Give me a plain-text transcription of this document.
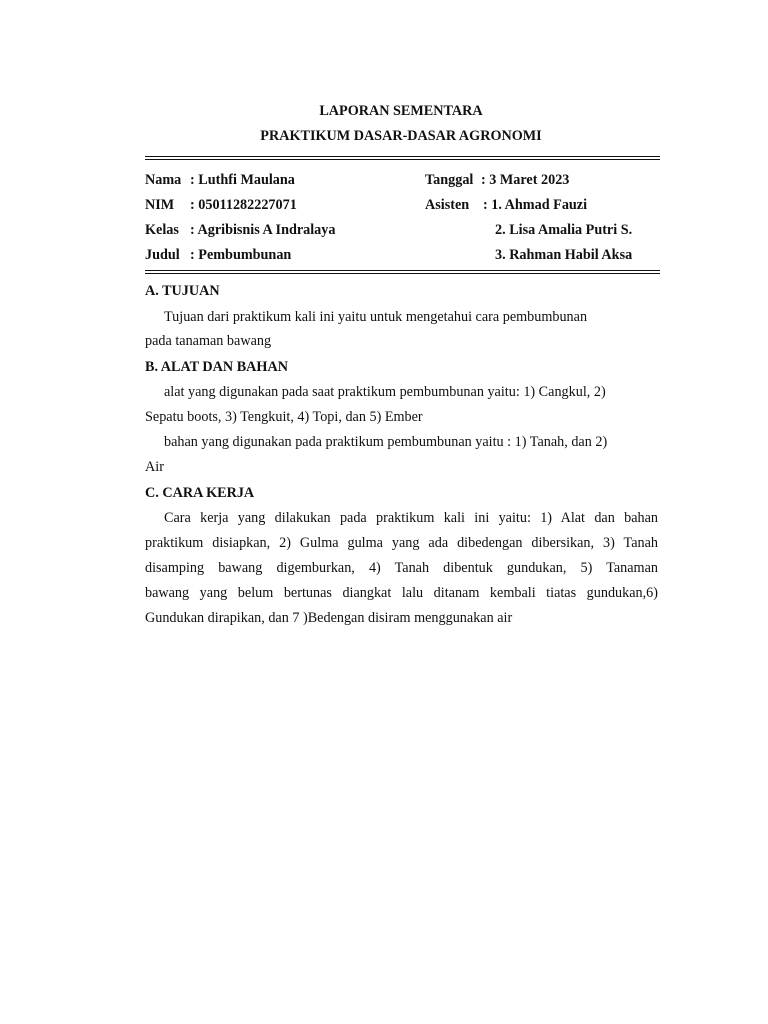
LAPORAN SEMENTARA
PRAKTIKUM DASAR-DASAR AGRONOMI
Nama : Luthfi Maulana
NIM : 05011282227071
Kelas : Agribisnis A Indralaya
Judul : Pembumbunan
Tanggal : 3 Maret 2023
Asisten : 1. Ahmad Fauzi
2. Lisa Amalia Putri S.
3. Rahman Habil Aksa
A. TUJUAN
Tujuan dari praktikum kali ini yaitu untuk mengetahui cara pembumbunan
pada tanaman bawang
B. ALAT DAN BAHAN
alat yang digunakan pada saat praktikum pembumbunan yaitu: 1) Cangkul, 2)
Sepatu boots, 3) Tengkuit, 4) Topi, dan 5) Ember
bahan yang digunakan pada praktikum pembumbunan yaitu : 1) Tanah, dan 2)
Air
C. CARA KERJA
Cara kerja yang dilakukan pada praktikum kali ini yaitu: 1) Alat dan bahan
praktikum disiapkan, 2) Gulma gulma yang ada dibedengan dibersikan, 3) Tanah
disamping bawang digemburkan, 4) Tanah dibentuk gundukan, 5) Tanaman
bawang yang belum bertunas diangkat lalu ditanam kembali tiatas gundukan,6)
Gundukan dirapikan, dan 7 )Bedengan disiram menggunakan air
